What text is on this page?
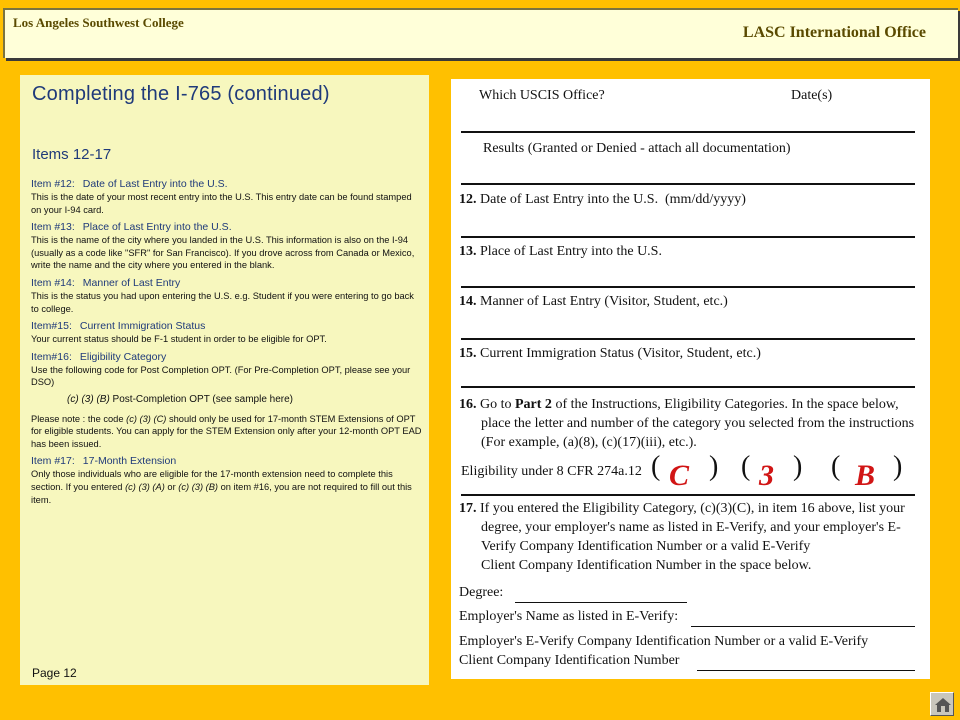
Los Angeles Southwest College
LASC International Office
Completing the I-765 (continued)
Items 12-17
Item #12: Date of Last Entry into the U.S.
This is the date of your most recent entry into the U.S. This entry date can be found stamped on your I-94 card.
Item #13: Place of Last Entry into the U.S.
This is the name of the city where you landed in the U.S. This information is also on the I-94 (usually as a code like "SFR" for San Francisco). If you drove across from Canada or Mexico, write the name and the city where you entered in the blank.
Item #14: Manner of Last Entry
This is the status you had upon entering the U.S. e.g. Student if you were entering to go back to college.
Item#15: Current Immigration Status
Your current status should be F-1 student in order to be eligible for OPT.
Item#16: Eligibility Category
Use the following code for Post Completion OPT. (For Pre-Completion OPT, please see your DSO)
(c) (3) (B) Post-Completion OPT (see sample here)
Please note : the code (c) (3) (C) should only be used for 17-month STEM Extensions of OPT for eligible students. You can apply for the STEM Extension only after your 12-month OPT EAD has been issued.
Item #17: 17-Month Extension
Only those individuals who are eligible for the 17-month extension need to complete this section. If you entered (c) (3) (A) or (c) (3) (B) on item #16, you are not required to fill out this item.
Page 12
Which USCIS Office?	Date(s)
Results (Granted or Denied - attach all documentation)
12. Date of Last Entry into the U.S. (mm/dd/yyyy)
13. Place of Last Entry into the U.S.
14. Manner of Last Entry (Visitor, Student, etc.)
15. Current Immigration Status (Visitor, Student, etc.)
16. Go to Part 2 of the Instructions, Eligibility Categories. In the space below,
place the letter and number of the category you selected from the instructions
(For example, (a)(8), (c)(17)(iii), etc.).
Eligibility under 8 CFR 274a.12 ( C ) ( 3 ) ( B )
17. If you entered the Eligibility Category, (c)(3)(C), in item 16 above, list your
degree, your employer's name as listed in E-Verify, and your employer's E-
Verify Company Identification Number or a valid E-Verify
Client Company Identification Number in the space below.
Degree:
Employer's Name as listed in E-Verify:
Employer's E-Verify Company Identification Number or a valid E-Verify
Client Company Identification Number
